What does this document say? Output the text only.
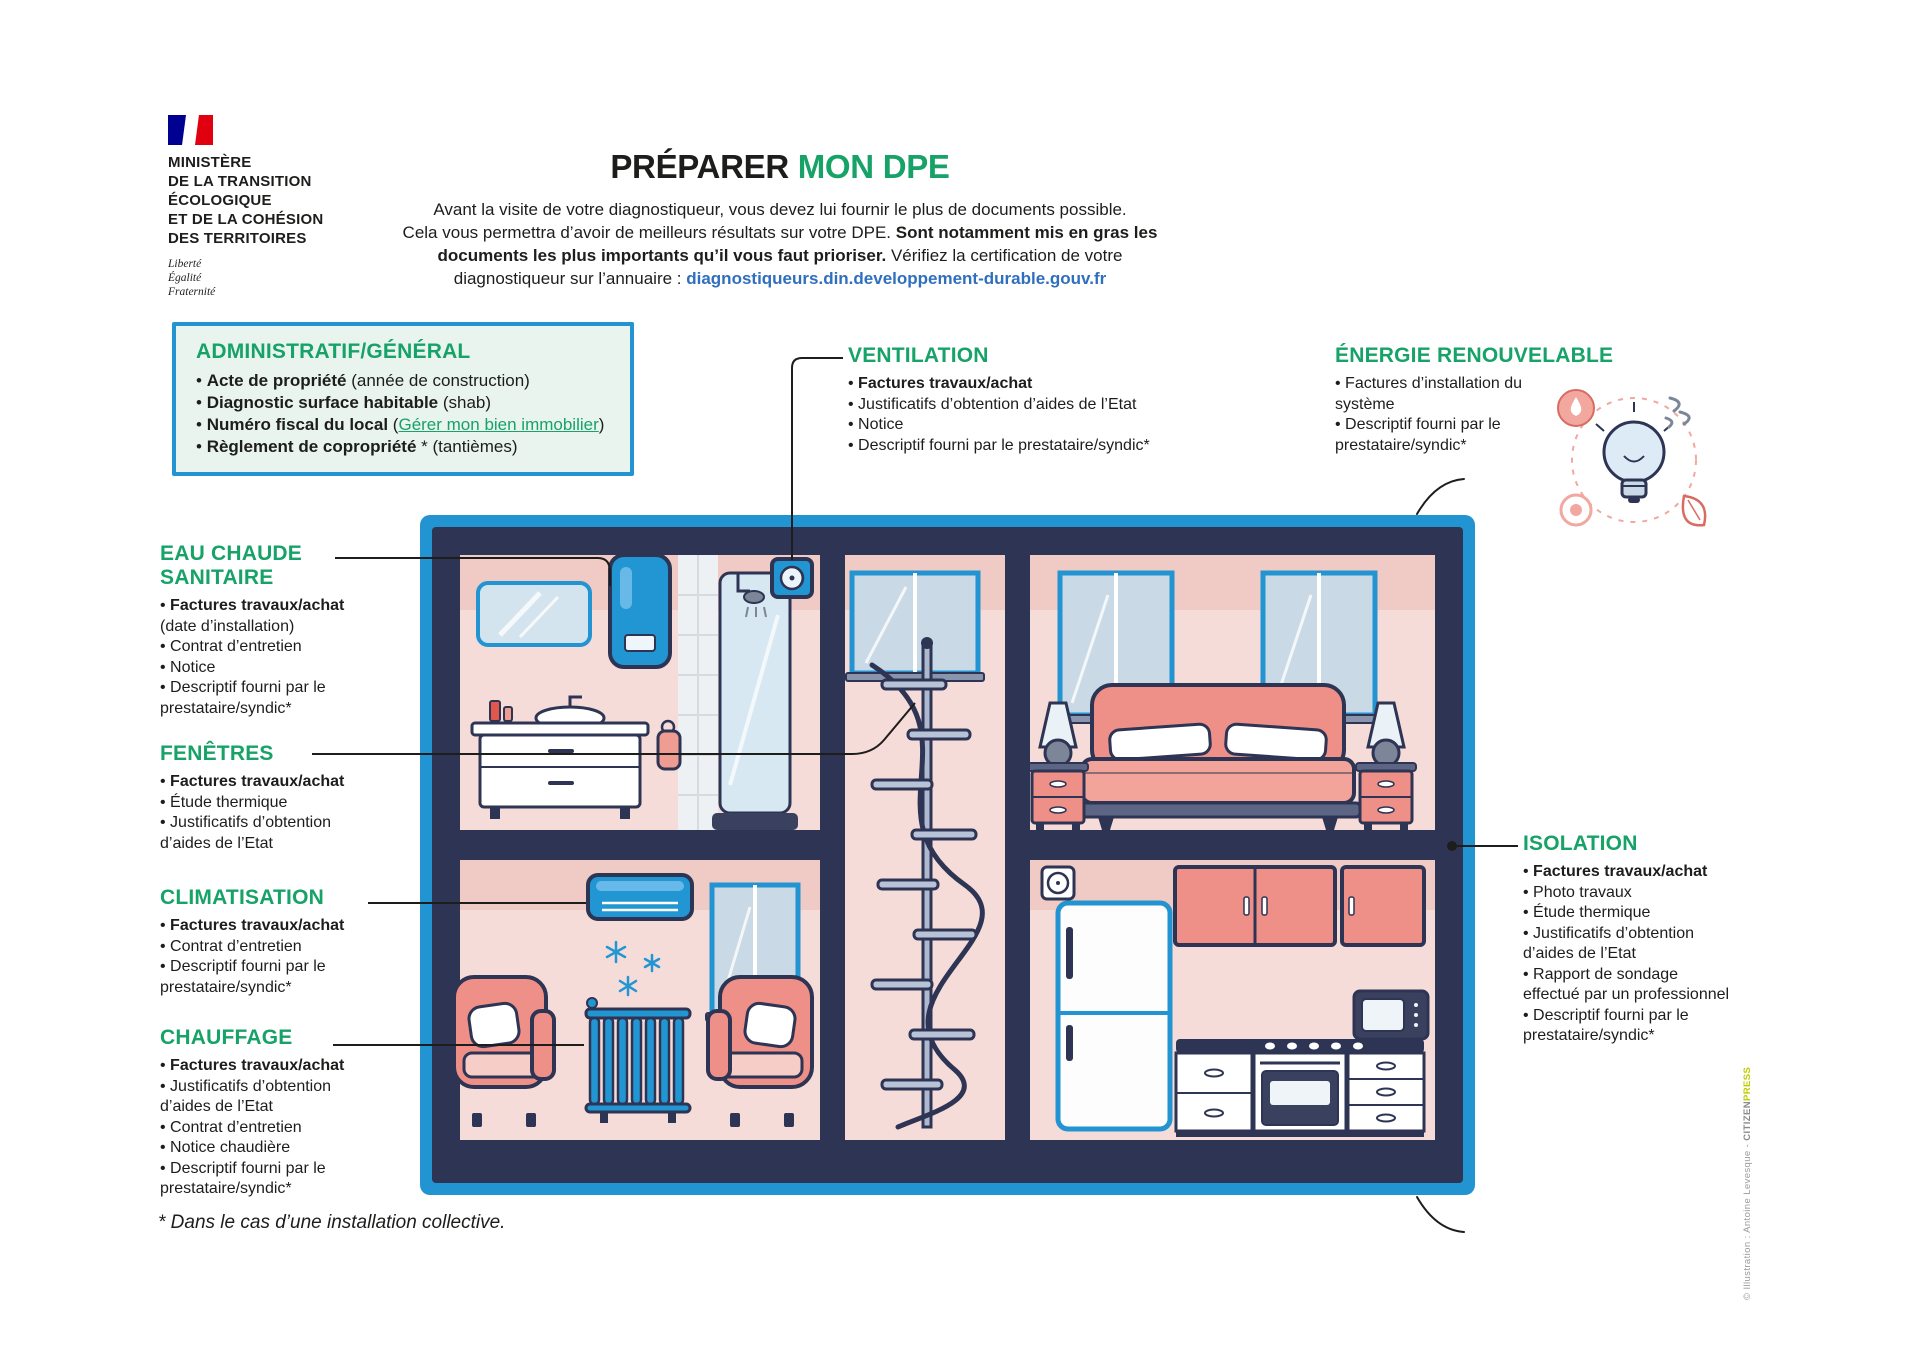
MINISTÈRE
DE LA TRANSITION
ÉCOLOGIQUE
ET DE LA COHÉSION
DES TERRITOIRES
Liberté
Égalité
Fraternité
PRÉPARER MON DPE
Avant la visite de votre diagnostiqueur, vous devez lui fournir le plus de documents possible.
Cela vous permettra d’avoir de meilleurs résultats sur votre DPE. Sont notamment mis en gras les documents les plus importants qu’il vous faut prioriser. Vérifiez la certification de votre diagnostiqueur sur l’annuaire : diagnostiqueurs.din.developpement-durable.gouv.fr
ADMINISTRATIF/GÉNÉRAL
• Acte de propriété (année de construction)
• Diagnostic surface habitable (shab)
• Numéro fiscal du local (Gérer mon bien immobilier)
• Règlement de copropriété * (tantièmes)
VENTILATION
• Factures travaux/achat
• Justificatifs d’obtention d’aides de l’Etat
• Notice
• Descriptif fourni par le prestataire/syndic*
ÉNERGIE RENOUVELABLE
• Factures d’installation du système
• Descriptif fourni par le prestataire/syndic*
EAU CHAUDE SANITAIRE
• Factures travaux/achat (date d’installation)
• Contrat d’entretien
• Notice
• Descriptif fourni par le prestataire/syndic*
FENÊTRES
• Factures travaux/achat
• Étude thermique
• Justificatifs d’obtention d’aides de l’Etat
CLIMATISATION
• Factures travaux/achat
• Contrat d’entretien
• Descriptif fourni par le prestataire/syndic*
CHAUFFAGE
• Factures travaux/achat
• Justificatifs d’obtention d’aides de l’Etat
• Contrat d’entretien
• Notice chaudière
• Descriptif fourni par le prestataire/syndic*
ISOLATION
• Factures travaux/achat
• Photo travaux
• Étude thermique
• Justificatifs d’obtention d’aides de l’Etat
• Rapport de sondage effectué par un professionnel
• Descriptif fourni par le prestataire/syndic*
* Dans le cas d’une installation collective.	© Illustration : Antoine Levesque - CITIZENPRESS
